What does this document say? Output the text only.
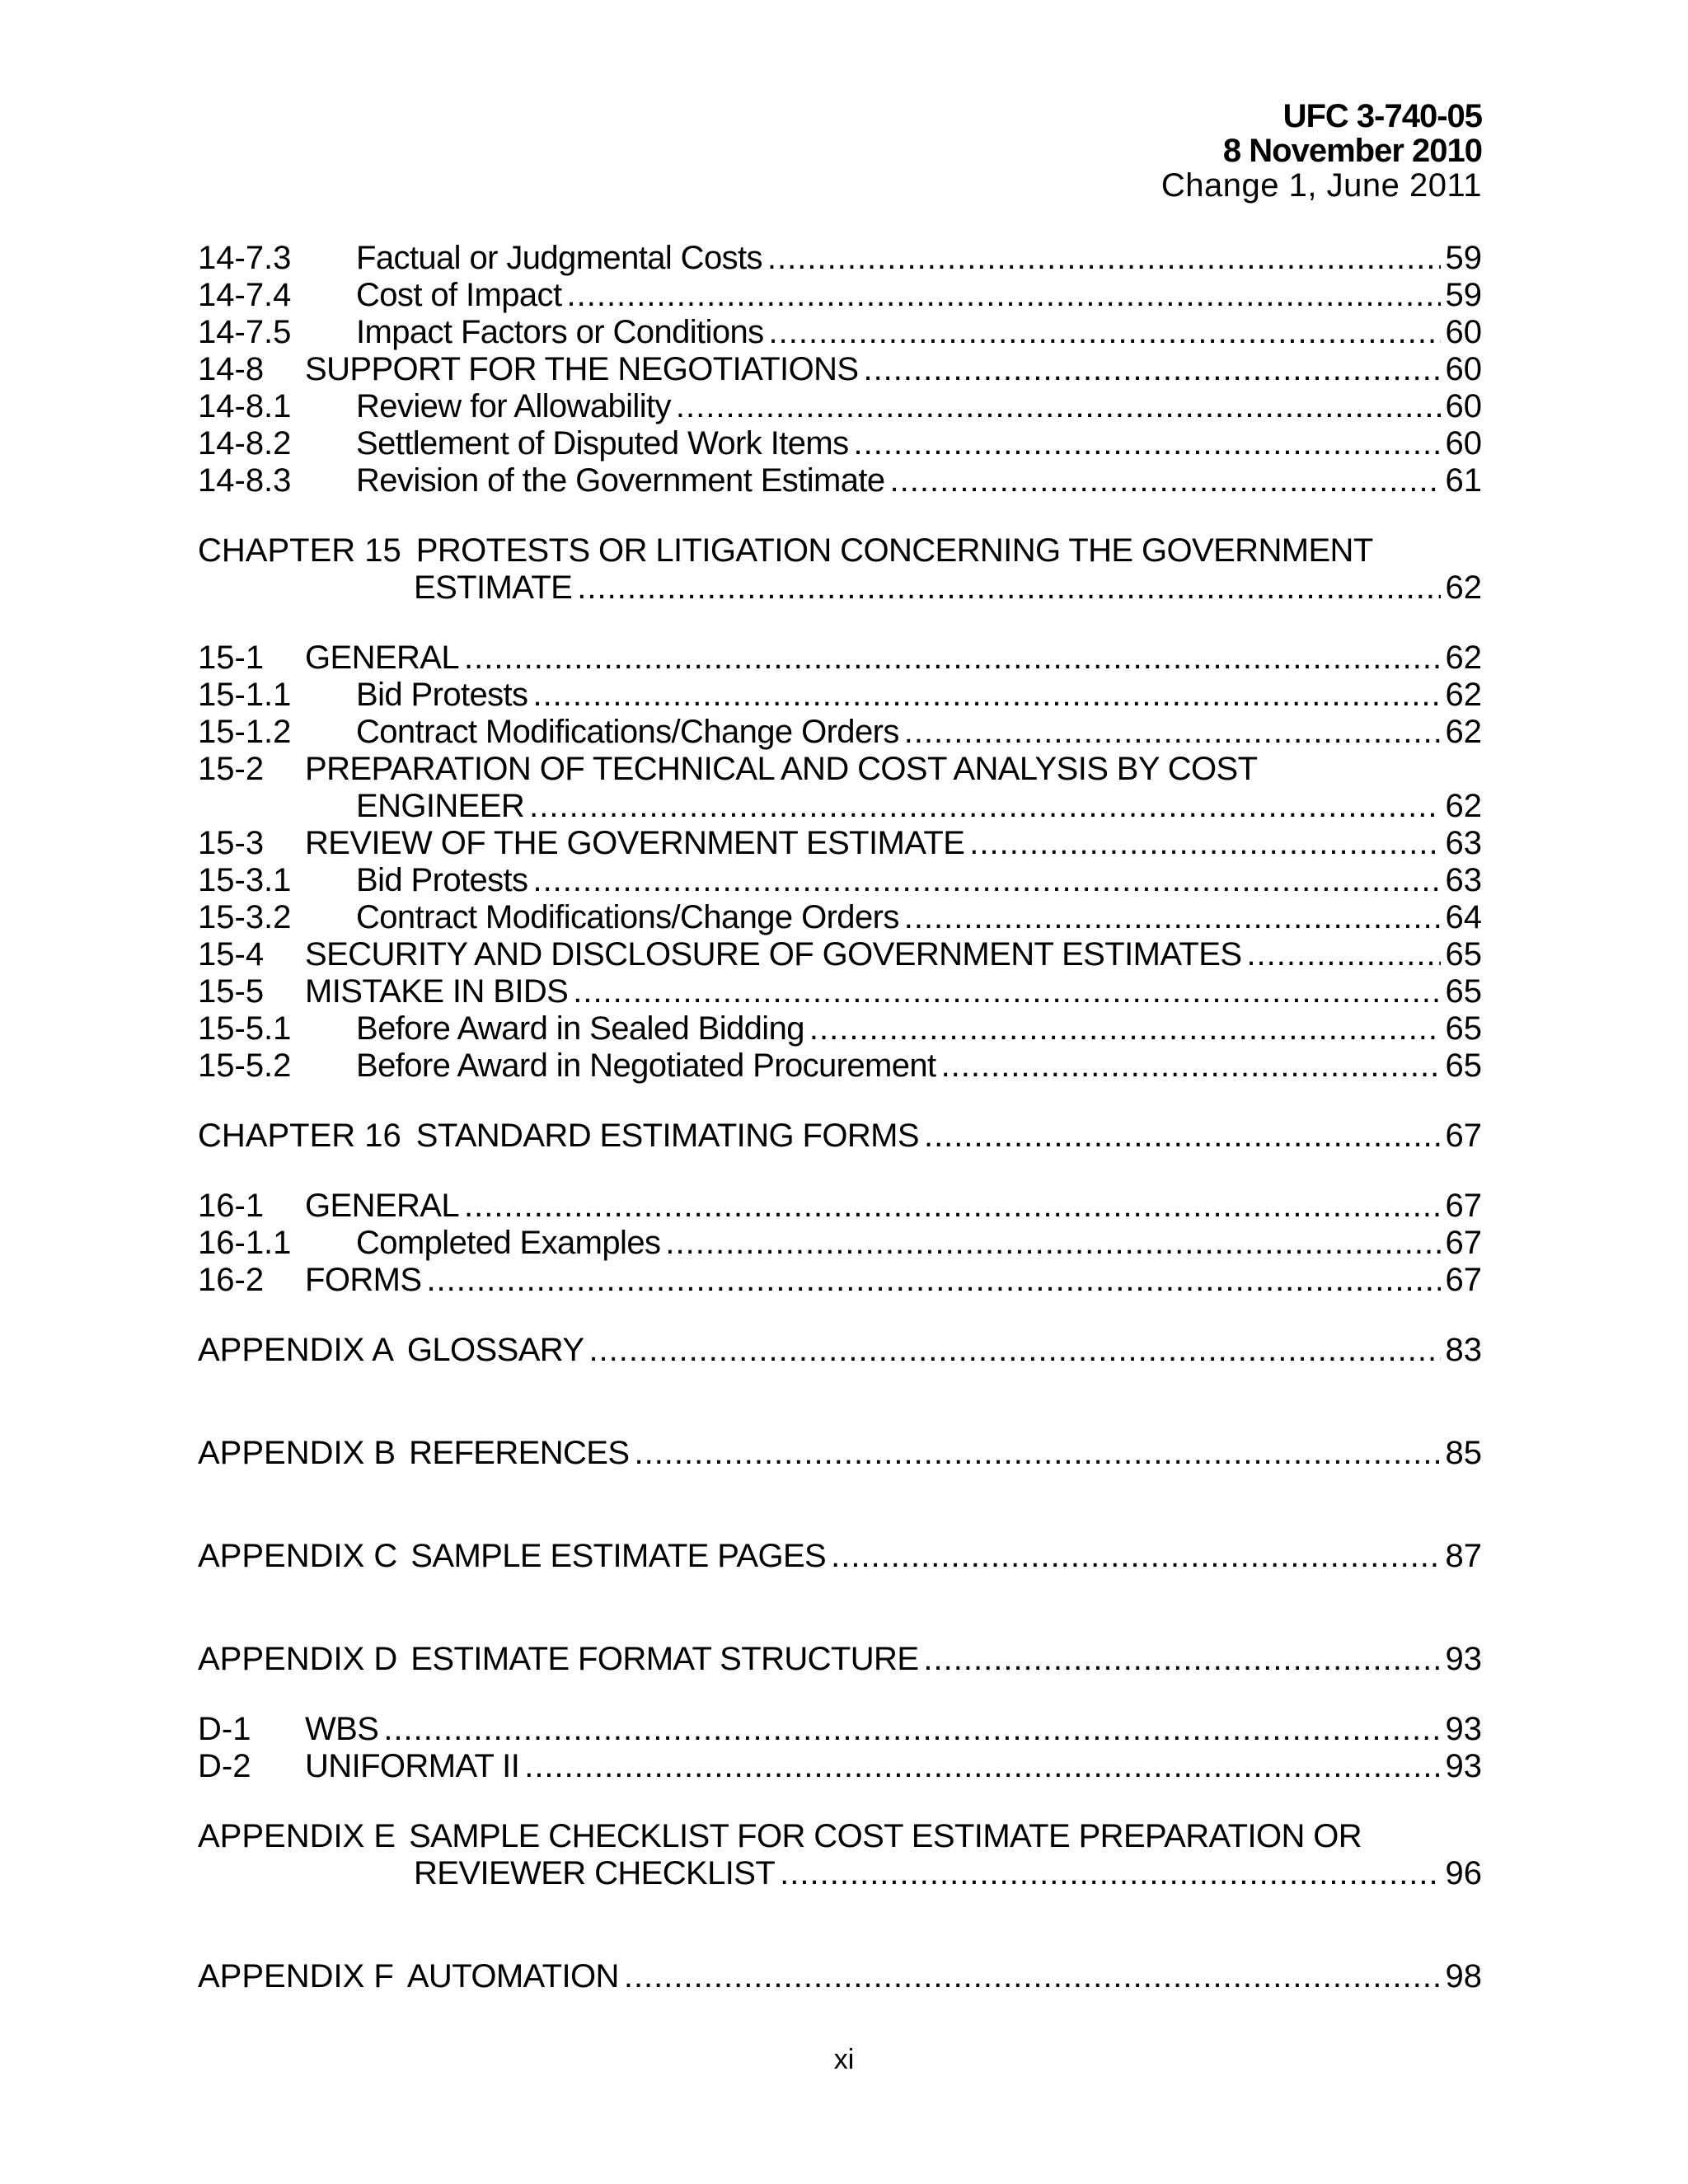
UFC 3-740-05
8 November 2010
Change 1, June 2011
14-7.3	Factual or Judgmental Costs .....	59
14-7.4	Cost of Impact .....	59
14-7.5	Impact Factors or Conditions .....	60
14-8	SUPPORT FOR THE NEGOTIATIONS .....	60
14-8.1	Review for Allowability .....	60
14-8.2	Settlement of Disputed Work Items .....	60
14-8.3	Revision of the Government Estimate .....	61
CHAPTER 15 PROTESTS OR LITIGATION CONCERNING THE GOVERNMENT
ESTIMATE .....	62
15-1	GENERAL .....	62
15-1.1	Bid Protests .....	62
15-1.2	Contract Modifications/Change Orders .....	62
15-2	PREPARATION OF TECHNICAL AND COST ANALYSIS BY COST
ENGINEER .....	62
15-3	REVIEW OF THE GOVERNMENT ESTIMATE .....	63
15-3.1	Bid Protests .....	63
15-3.2	Contract Modifications/Change Orders .....	64
15-4	SECURITY AND DISCLOSURE OF GOVERNMENT ESTIMATES .....	65
15-5	MISTAKE IN BIDS .....	65
15-5.1	Before Award in Sealed Bidding .....	65
15-5.2	Before Award in Negotiated Procurement .....	65
CHAPTER 16 STANDARD ESTIMATING FORMS .....	67
16-1	GENERAL .....	67
16-1.1	Completed Examples .....	67
16-2	FORMS .....	67
APPENDIX A GLOSSARY .....	83
APPENDIX B REFERENCES .....	85
APPENDIX C SAMPLE ESTIMATE PAGES .....	87
APPENDIX D ESTIMATE FORMAT STRUCTURE .....	93
D-1	WBS .....	93
D-2	UNIFORMAT II .....	93
APPENDIX E SAMPLE CHECKLIST FOR COST ESTIMATE PREPARATION OR
REVIEWER CHECKLIST .....	96
APPENDIX F AUTOMATION .....	98
xi
